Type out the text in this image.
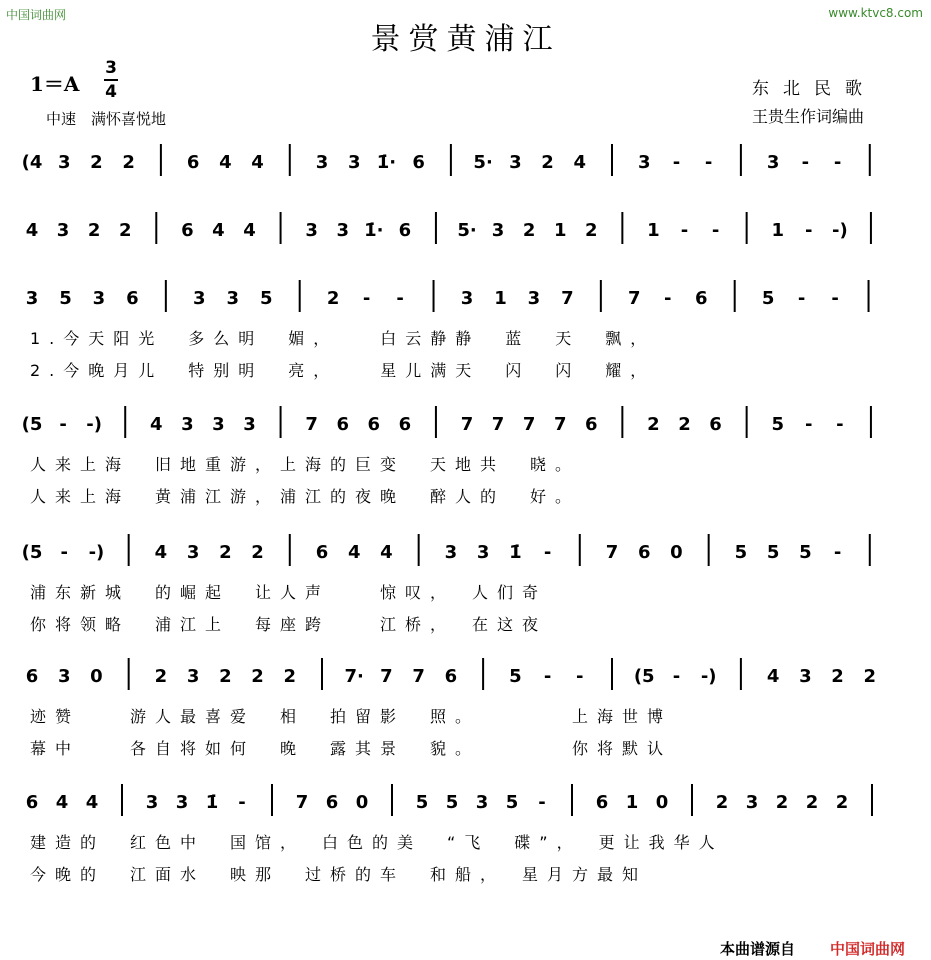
中国词曲网	www.ktvc8.com
景赏黄浦江
1＝A
3
4
中速　满怀喜悦地
东北民歌
王贵生作词编曲
(4 3 2 2	6 4 4	3 3 1̇· 6	5· 3 2 4	3 - -	3 - -
4 3 2 2	6 4 4	3 3 1̇· 6	5· 3 2 1 2	1 - -	1 - -)
3 5 3 6	3 3 5	2 - -	3 1 3 7	7 - 6	5 - -
1.今天阳光　多么明　媚，　　白云静静　蓝　天　飘，
2.今晚月儿　特别明　亮，　　星儿满天　闪　闪　耀，
(5 - -)	4 3 3 3	7 6 6 6	7 7 7 7 6	2 2 6	5 - -
人来上海　旧地重游，上海的巨变　天地共　晓。
人来上海　黄浦江游，浦江的夜晚　醉人的　好。
(5 - -)	4 3 2 2	6 4 4	3 3 1̇ -	7 6 0	5 5 5 -
浦东新城　的崛起　让人声　　惊叹，　人们奇
你将领略　浦江上　每座跨　　江桥，　在这夜
6 3 0	2 3 2 2 2	7· 7 7 6	5 - -	(5 - -)	4 3 2 2
迹赞　　游人最喜爱　相　拍留影　照。　　　　上海世博
幕中　　各自将如何　晚　露其景　貌。　　　　你将默认
6 4 4	3 3 1̇ -	7 6 0	5 5 3 5 -	6 1 0	2 3 2 2 2
建造的　红色中　国馆，　白色的美　“飞　碟”，　更让我华人
今晚的　江面水　映那　过桥的车　和船，　星月方最知
本曲谱源自 中国词曲网
